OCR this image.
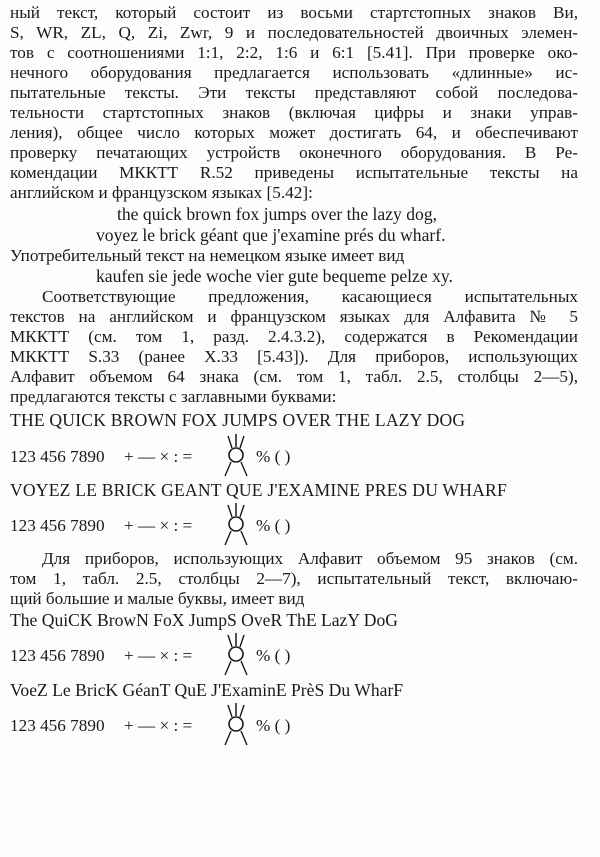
ный текст, который состоит из восьми стартстопных знаков Ви,
S, WR, ZL, Q, Zi, Zwr, 9 и последовательностей двоичных элемен-
тов с соотношениями 1:1, 2:2, 1:6 и 6:1 [5.41]. При проверке око-
нечного оборудования предлагается использовать «длинные» ис-
пытательные тексты. Эти тексты представляют собой последова-
тельности стартстопных знаков (включая цифры и знаки управ-
ления), общее число которых может достигать 64, и обеспечивают
проверку печатающих устройств оконечного оборудования. В Ре-
комендации МККТТ R.52 приведены испытательные тексты на
английском и французском языках [5.42]:
the quick brown fox jumps over the lazy dog,
voyez le brick géant que j'examine prés du wharf.
Употребительный текст на немецком языке имеет вид
kaufen sie jede woche vier gute bequeme pelze xy.
Соответствующие предложения, касающиеся испытательных
текстов на английском и французском языках для Алфавита № 5
МККТТ (см. том 1, разд. 2.4.3.2), содержатся в Рекомендации
МККТТ S.33 (ранее Х.33 [5.43]). Для приборов, использующих
Алфавит объемом 64 знака (см. том 1, табл. 2.5, столбцы 2—5),
предлагаются тексты с заглавными буквами:
THE QUICK BROWN FOX JUMPS OVER THE LAZY DOG
123 456 7890 + — × : =	% ( )
VOYEZ LE BRICK GEANT QUE J'EXAMINE PRES DU WHARF
123 456 7890 + — × : =	% ( )
Для приборов, использующих Алфавит объемом 95 знаков (см.
том 1, табл. 2.5, столбцы 2—7), испытательный текст, включаю-
щий большие и малые буквы, имеет вид
The QuiCK BrowN FoX JumpS OveR ThE LazY DoG
123 456 7890 + — × : =	% ( )
VoeZ Le BricK GéanT QuE J'ExaminE PrèS Du WharF
123 456 7890 + — × : =	% ( )
